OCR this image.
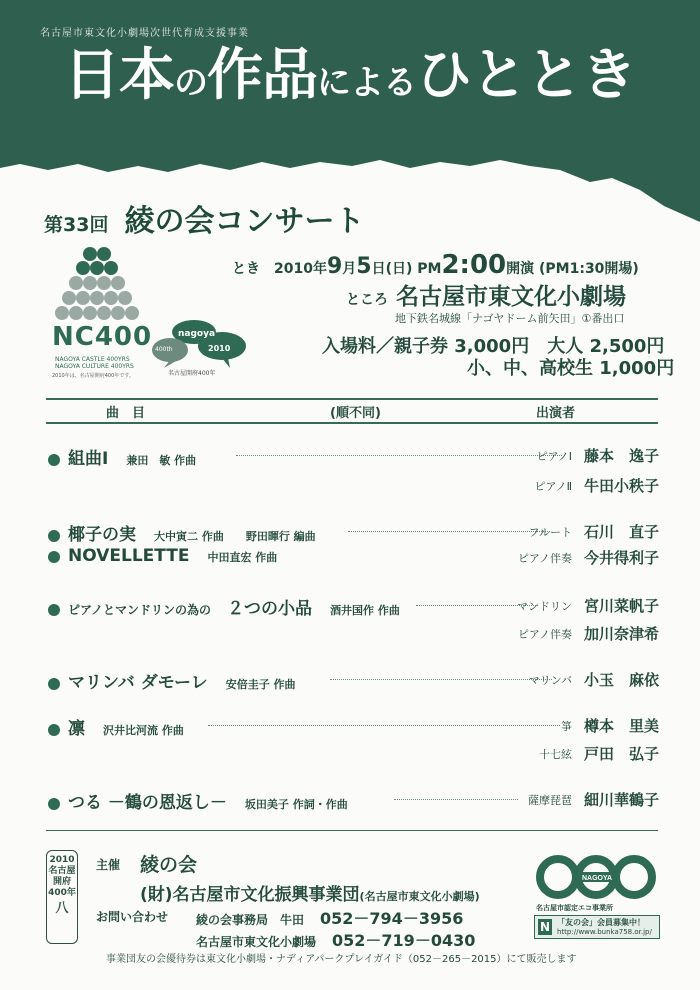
名古屋市東文化小劇場次世代育成支援事業
日本の作品によるひととき
第33回 綾の会コンサート
NC400
NAGOYA CASTLE 400YRS
NAGOYA CULTURE 400YRS
2010年は、名古屋開府400年です。
nagoya
400th	2010
名古屋開府400年
とき　 2010年9月5日(日) PM2:00開演 (PM1:30開場)
ところ 名古屋市東文化小劇場
地下鉄名城線「ナゴヤドーム前矢田」①番出口
入場料／親子券 3,000円　大人 2,500円
小、中、高校生 1,000円
曲　目	(順不同)	出演者
組曲Ⅰ 兼田　敏 作曲	ピアノⅠ 藤本　逸子
ピアノⅡ 牛田小秩子
椰子の実 大中寅二 作曲　　野田暉行 編曲	フルート 石川　直子
NOVELLETTE 中田直宏 作曲	ピアノ伴奏 今井得利子
ピアノとマンドリンの為の　 ２つの小品 酒井国作 作曲	マンドリン 宮川菜帆子
ピアノ伴奏 加川奈津希
マリンバ ダモーレ 安倍圭子 作曲	マリンバ 小玉　麻依
凛 沢井比河流 作曲	箏 樽本　里美
十七絃 戸田　弘子
つる －鶴の恩返し－ 坂田美子 作詞・作曲	薩摩琵琶 細川華鶴子
2010
名古屋
開府
400年
八
主催 綾の会
(財)名古屋市文化振興事業団(名古屋市東文化小劇場)
お問い合わせ 綾の会事務局　牛田 052－794－3956
名古屋市東文化小劇場 052－719－0430
事業団友の会優待券は東文化小劇場・ナディアパークプレイガイド（052－265－2015）にて販売します
NAGOYA
名古屋市認定エコ事業所
N 「友の会」会員募集中！
http://www.bunka758.or.jp/
